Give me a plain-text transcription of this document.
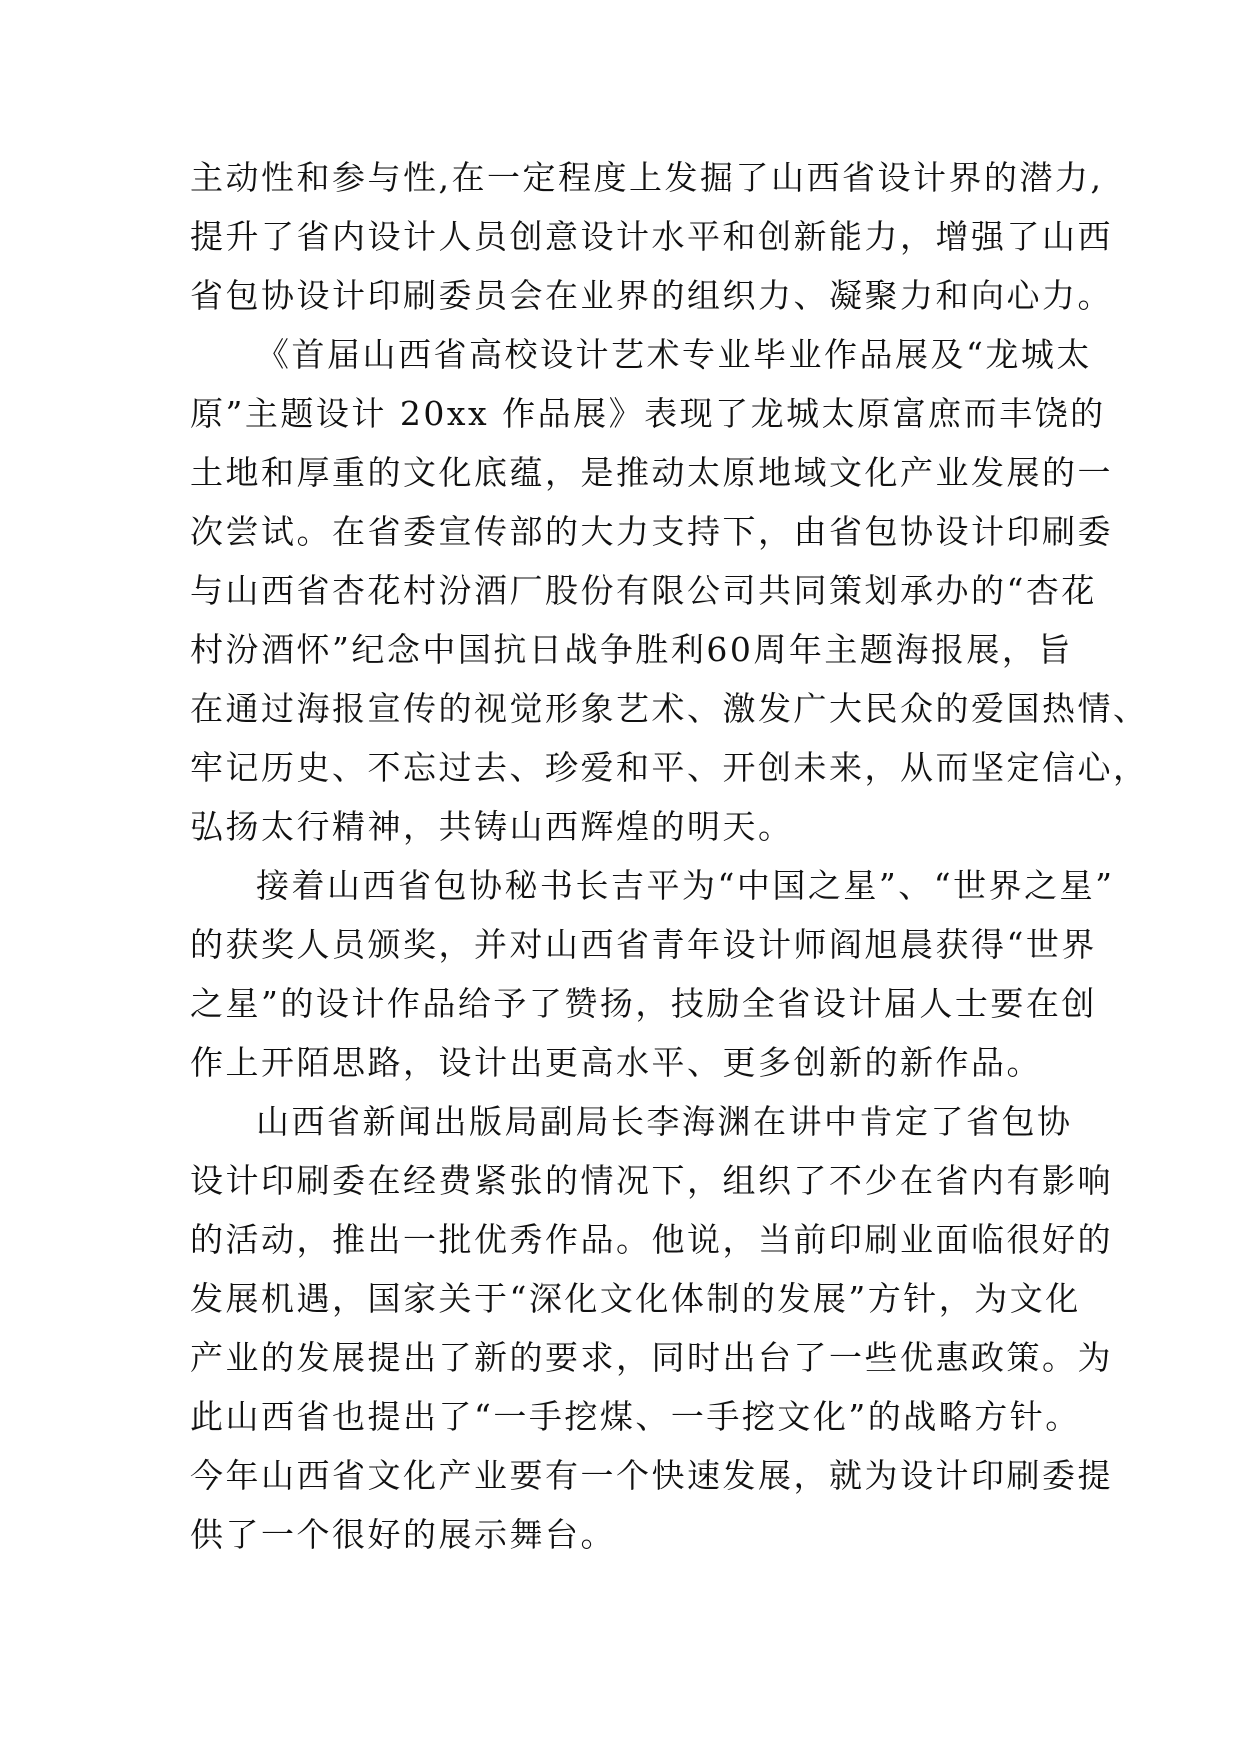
主动性和参与性,在一定程度上发掘了山西省设计界的潜力,
提升了省内设计人员创意设计水平和创新能力，增强了山西
省包协设计印刷委员会在业界的组织力、凝聚力和向心力。
《首届山西省高校设计艺术专业毕业作品展及“龙城太
原”主题设计 20xx 作品展》表现了龙城太原富庶而丰饶的
土地和厚重的文化底蕴，是推动太原地域文化产业发展的一
次尝试。在省委宣传部的大力支持下，由省包协设计印刷委
与山西省杏花村汾酒厂股份有限公司共同策划承办的“杏花
村汾酒怀”纪念中国抗日战争胜利60周年主题海报展，旨
在通过海报宣传的视觉形象艺术、激发广大民众的爱国热情、
牢记历史、不忘过去、珍爱和平、开创未来，从而坚定信心，
弘扬太行精神，共铸山西辉煌的明天。
接着山西省包协秘书长吉平为“中国之星”、“世界之星”
的获奖人员颁奖，并对山西省青年设计师阎旭晨获得“世界
之星”的设计作品给予了赞扬，技励全省设计届人士要在创
作上开陌思路，设计出更高水平、更多创新的新作品。
山西省新闻出版局副局长李海渊在讲中肯定了省包协
设计印刷委在经费紧张的情况下，组织了不少在省内有影响
的活动，推出一批优秀作品。他说，当前印刷业面临很好的
发展机遇，国家关于“深化文化体制的发展”方针，为文化
产业的发展提出了新的要求，同时出台了一些优惠政策。为
此山西省也提出了“一手挖煤、一手挖文化”的战略方针。
今年山西省文化产业要有一个快速发展，就为设计印刷委提
供了一个很好的展示舞台。
